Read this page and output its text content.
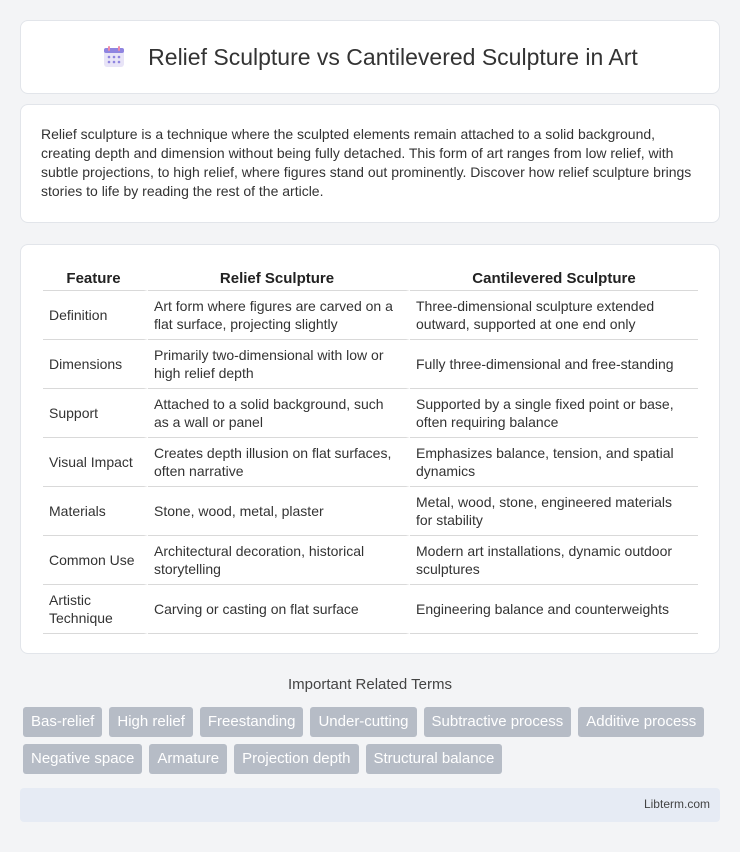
Relief Sculpture vs Cantilevered Sculpture in Art

Relief sculpture is a technique where the sculpted elements remain attached to a solid background, creating depth and dimension without being fully detached. This form of art ranges from low relief, with subtle projections, to high relief, where figures stand out prominently. Discover how relief sculpture brings stories to life by reading the rest of the article.

Feature	Relief Sculpture	Cantilevered Sculpture
Definition	Art form where figures are carved on a flat surface, projecting slightly	Three-dimensional sculpture extended outward, supported at one end only
Dimensions	Primarily two-dimensional with low or high relief depth	Fully three-dimensional and free-standing
Support	Attached to a solid background, such as a wall or panel	Supported by a single fixed point or base, often requiring balance
Visual Impact	Creates depth illusion on flat surfaces, often narrative	Emphasizes balance, tension, and spatial dynamics
Materials	Stone, wood, metal, plaster	Metal, wood, stone, engineered materials for stability
Common Use	Architectural decoration, historical storytelling	Modern art installations, dynamic outdoor sculptures
Artistic Technique	Carving or casting on flat surface	Engineering balance and counterweights
Important Related Terms
Bas-relief	High relief	Freestanding	Under-cutting	Subtractive process	Additive process
Negative space	Armature	Projection depth	Structural balance
Libterm.com
